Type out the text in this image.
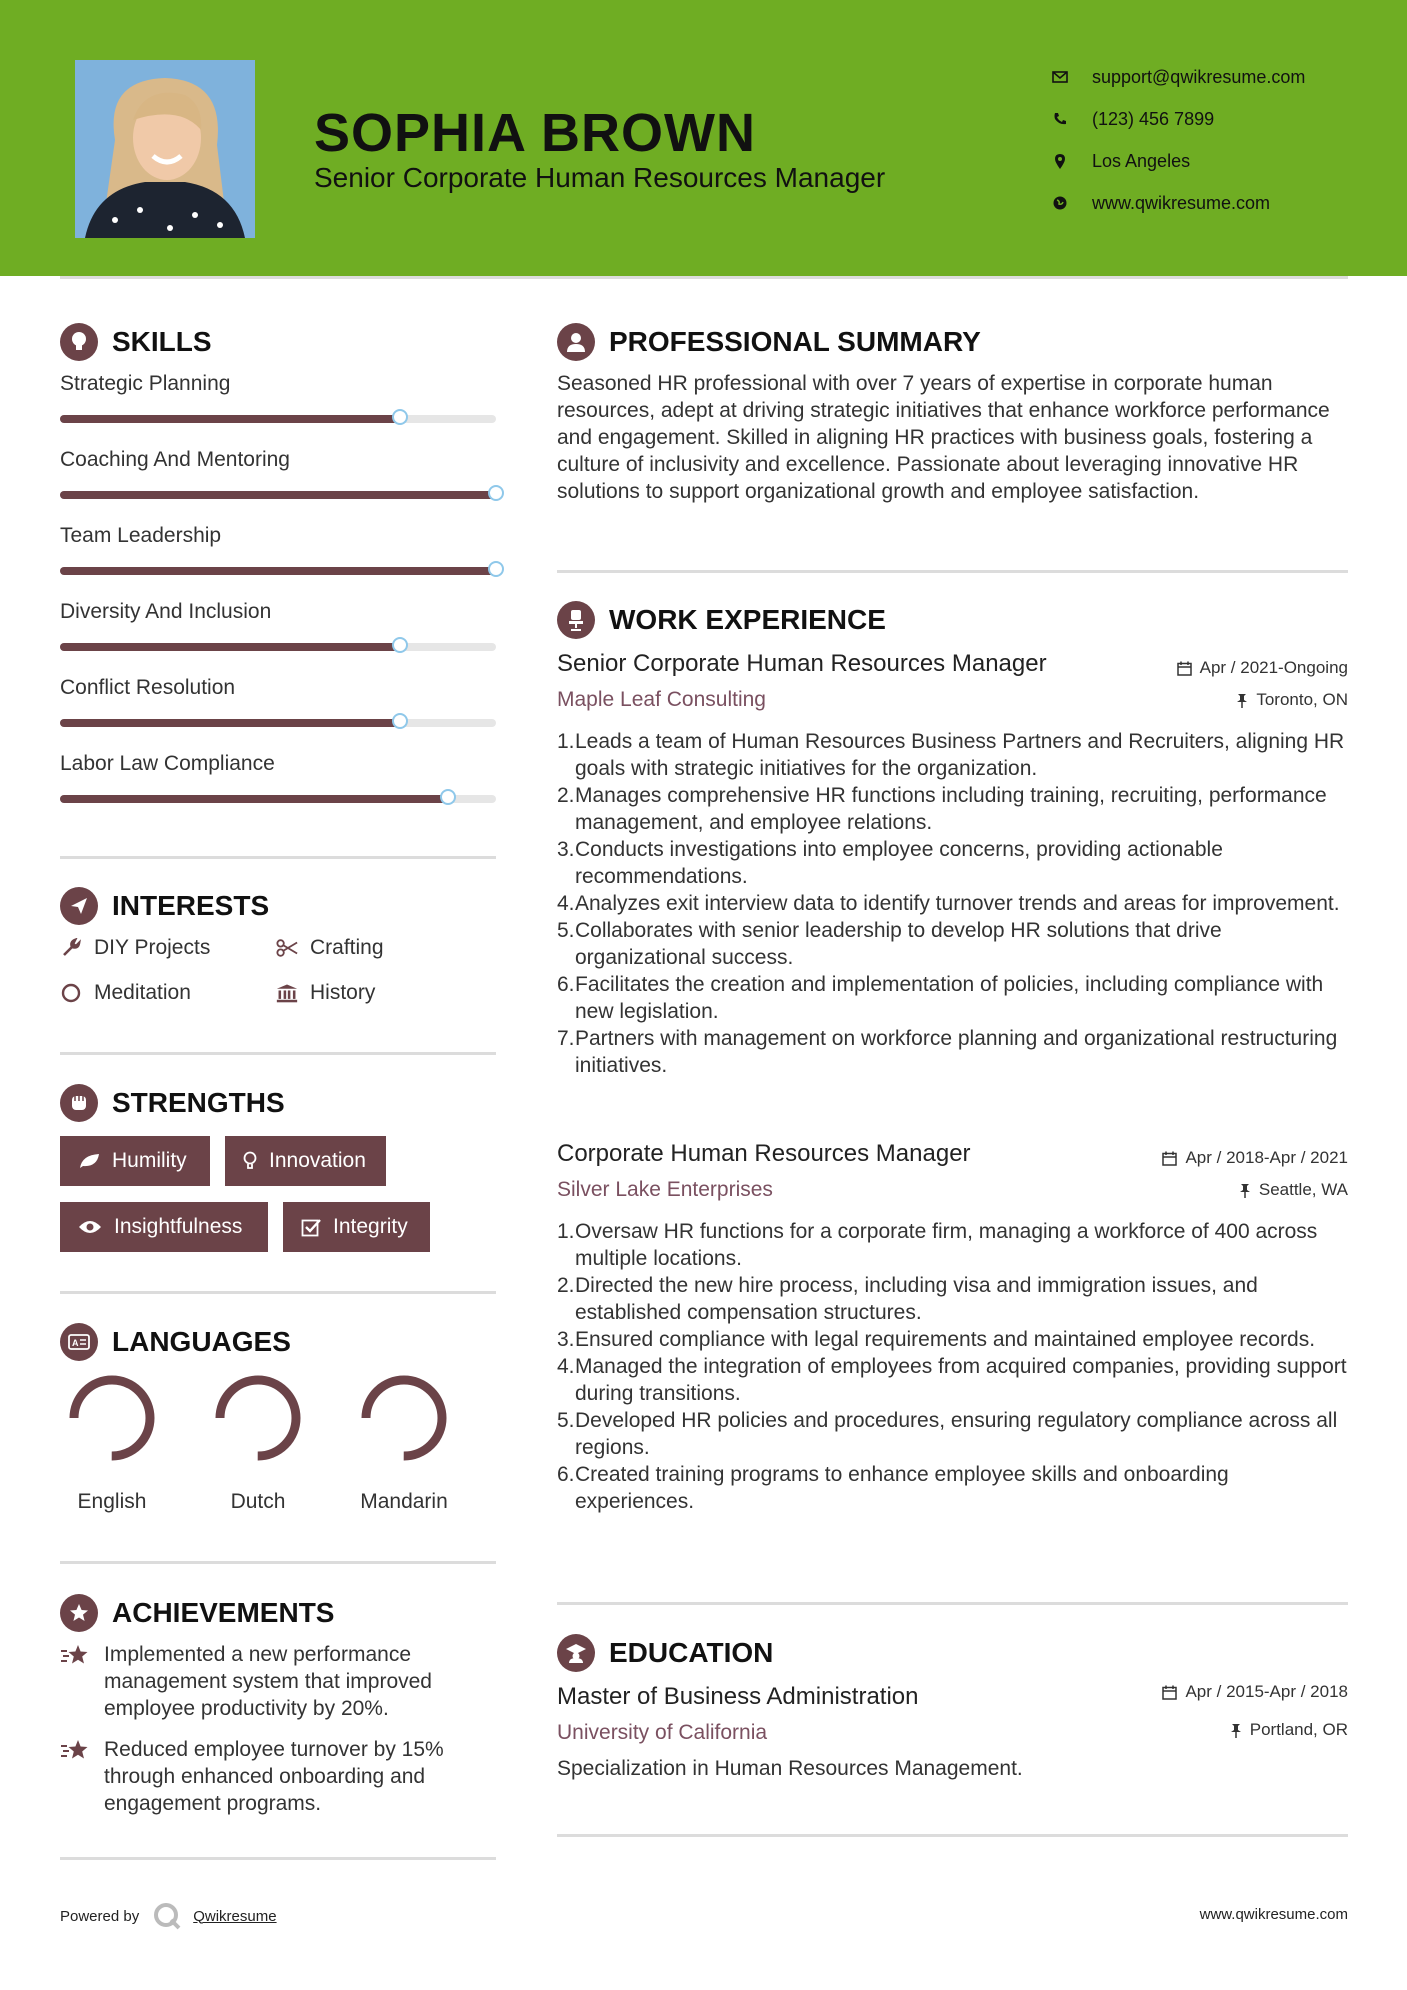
SOPHIA BROWN
Senior Corporate Human Resources Manager
support@qwikresume.com
(123) 456 7899
Los Angeles
www.qwikresume.com
SKILLS
Strategic Planning
Coaching And Mentoring
Team Leadership
Diversity And Inclusion
Conflict Resolution
Labor Law Compliance
INTERESTS
DIY Projects	Crafting
Meditation	History
STRENGTHS
Humility	Innovation
Insightfulness	Integrity
A LANGUAGES
English	Dutch	Mandarin
ACHIEVEMENTS
Implemented a new performance management system that improved employee productivity by 20%.
Reduced employee turnover by 15% through enhanced onboarding and engagement programs.
PROFESSIONAL SUMMARY
Seasoned HR professional with over 7 years of expertise in corporate human resources, adept at driving strategic initiatives that enhance workforce performance and engagement. Skilled in aligning HR practices with business goals, fostering a culture of inclusivity and excellence. Passionate about leveraging innovative HR solutions to support organizational growth and employee satisfaction.
WORK EXPERIENCE
Senior Corporate Human Resources Manager
Maple Leaf Consulting
Apr / 2021-Ongoing
Toronto, ON
1. Leads a team of Human Resources Business Partners and Recruiters, aligning HR goals with strategic initiatives for the organization.
2. Manages comprehensive HR functions including training, recruiting, performance management, and employee relations.
3. Conducts investigations into employee concerns, providing actionable recommendations.
4. Analyzes exit interview data to identify turnover trends and areas for improvement.
5. Collaborates with senior leadership to develop HR solutions that drive organizational success.
6. Facilitates the creation and implementation of policies, including compliance with new legislation.
7. Partners with management on workforce planning and organizational restructuring initiatives.
Corporate Human Resources Manager
Silver Lake Enterprises
Apr / 2018-Apr / 2021
Seattle, WA
1. Oversaw HR functions for a corporate firm, managing a workforce of 400 across multiple locations.
2. Directed the new hire process, including visa and immigration issues, and established compensation structures.
3. Ensured compliance with legal requirements and maintained employee records.
4. Managed the integration of employees from acquired companies, providing support during transitions.
5. Developed HR policies and procedures, ensuring regulatory compliance across all regions.
6. Created training programs to enhance employee skills and onboarding experiences.
EDUCATION
Master of Business Administration
University of California
Apr / 2015-Apr / 2018
Portland, OR
Specialization in Human Resources Management.
Powered by	Qwikresume	www.qwikresume.com
